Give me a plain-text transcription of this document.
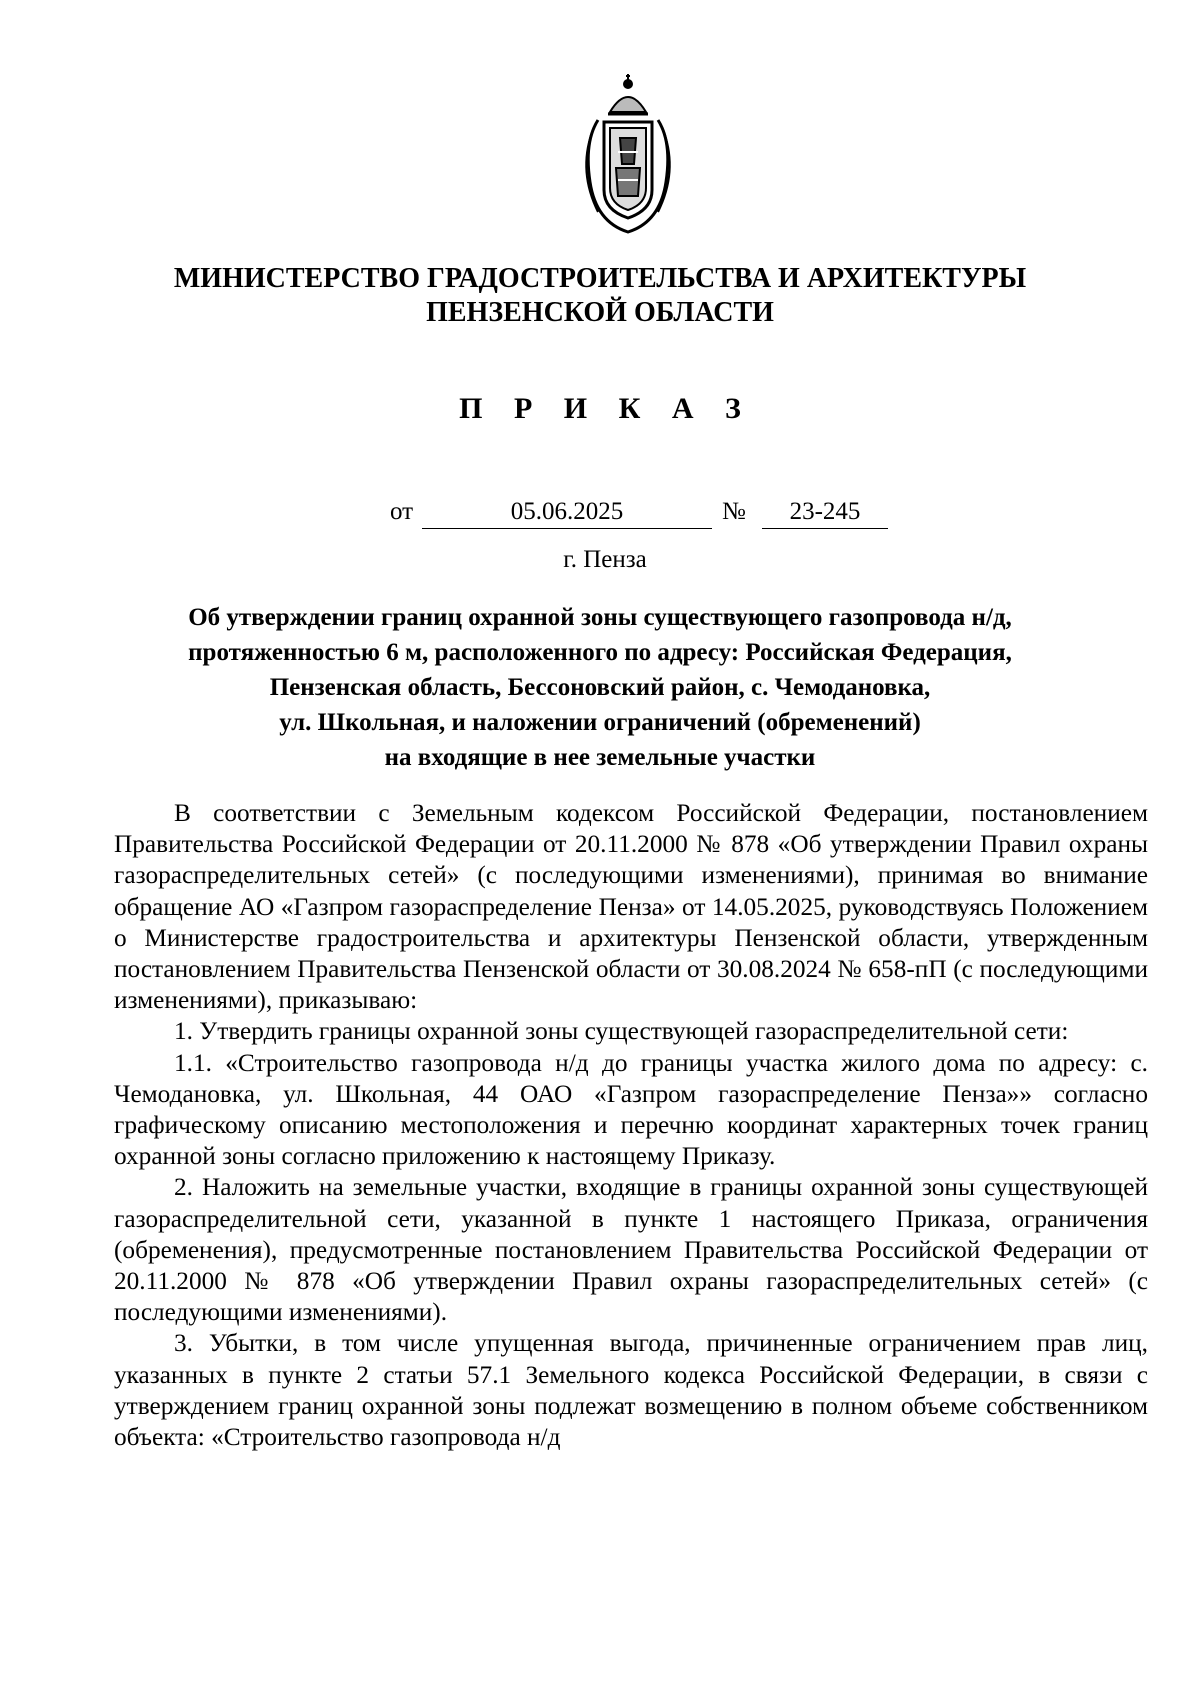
МИНИСТЕРСТВО ГРАДОСТРОИТЕЛЬСТВА И АРХИТЕКТУРЫ
ПЕНЗЕНСКОЙ ОБЛАСТИ
П Р И К А З
от	05.06.2025	№	23-245
г. Пенза
Об утверждении границ охранной зоны существующего газопровода н/д,
протяженностью 6 м, расположенного по адресу: Российская Федерация,
Пензенская область, Бессоновский район, с. Чемодановка,
ул. Школьная, и наложении ограничений (обременений)
на входящие в нее земельные участки

В соответствии с Земельным кодексом Российской Федерации, постановлением Правительства Российской Федерации от 20.11.2000 № 878 «Об утверждении Правил охраны газораспределительных сетей» (с последующими изменениями), принимая во внимание обращение АО «Газпром газораспределение Пенза» от 14.05.2025, руководствуясь Положением о Министерстве градостроительства и архитектуры Пензенской области, утвержденным постановлением Правительства Пензенской области от 30.08.2024 № 658-пП (с последующими изменениями), приказываю:

1. Утвердить границы охранной зоны существующей газораспределительной сети:

1.1. «Строительство газопровода н/д до границы участка жилого дома по адресу: с. Чемодановка, ул. Школьная, 44 ОАО «Газпром газораспределение Пенза»» согласно графическому описанию местоположения и перечню координат характерных точек границ охранной зоны согласно приложению к настоящему Приказу.

2. Наложить на земельные участки, входящие в границы охранной зоны существующей газораспределительной сети, указанной в пункте 1 настоящего Приказа, ограничения (обременения), предусмотренные постановлением Правительства Российской Федерации от 20.11.2000 № 878 «Об утверждении Правил охраны газораспределительных сетей» (с последующими изменениями).

3. Убытки, в том числе упущенная выгода, причиненные ограничением прав лиц, указанных в пункте 2 статьи 57.1 Земельного кодекса Российской Федерации, в связи с утверждением границ охранной зоны подлежат возмещению в полном объеме собственником объекта: «Строительство газопровода н/д
